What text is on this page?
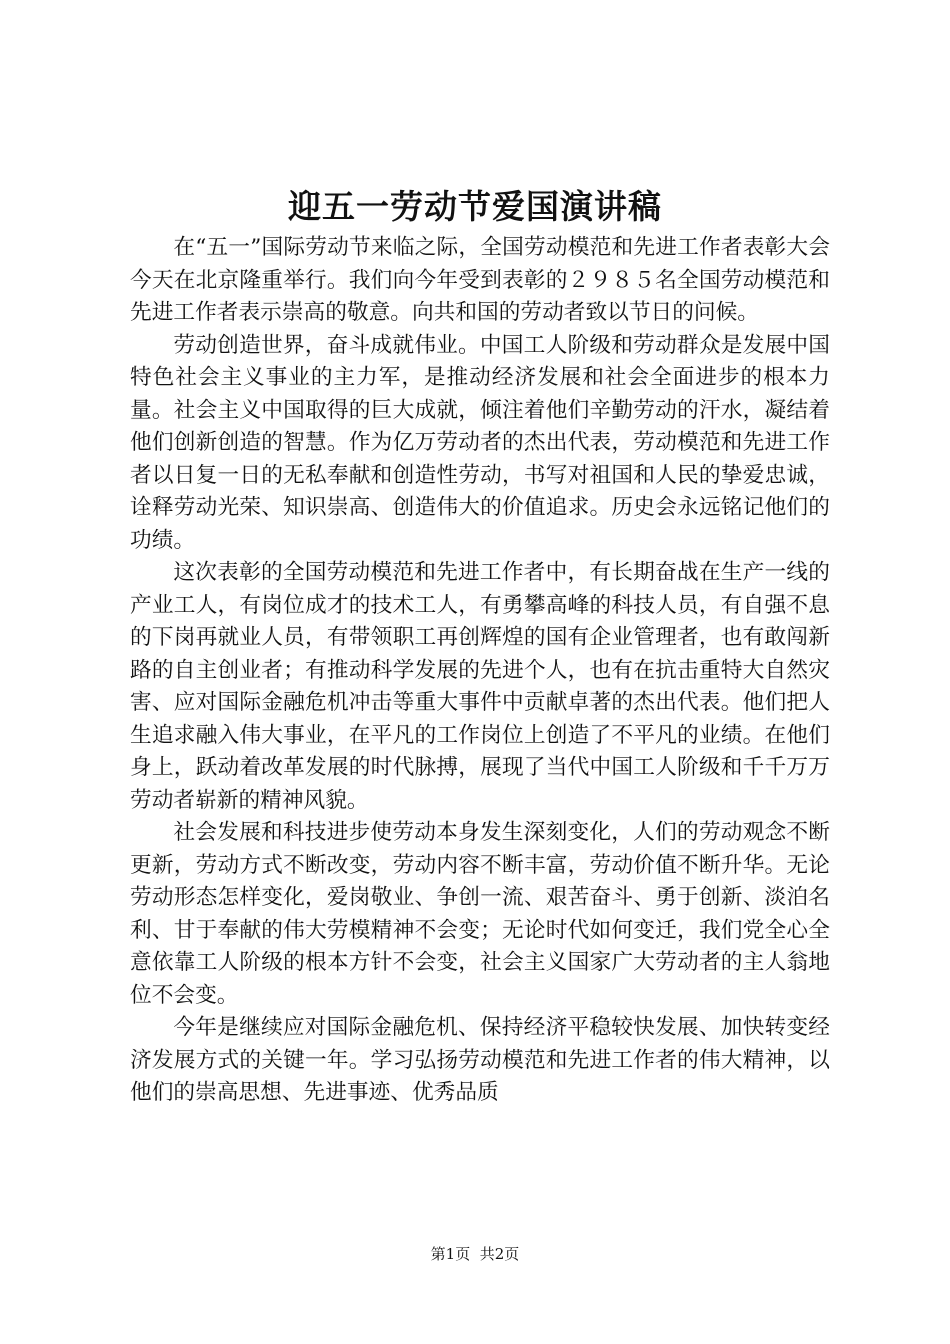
迎五一劳动节爱国演讲稿

在“五一”国际劳动节来临之际，全国劳动模范和先进工作者表彰大会今天在北京隆重举行。我们向今年受到表彰的２９８５名全国劳动模范和先进工作者表示崇高的敬意。向共和国的劳动者致以节日的问候。

劳动创造世界，奋斗成就伟业。中国工人阶级和劳动群众是发展中国特色社会主义事业的主力军，是推动经济发展和社会全面进步的根本力量。社会主义中国取得的巨大成就，倾注着他们辛勤劳动的汗水，凝结着他们创新创造的智慧。作为亿万劳动者的杰出代表，劳动模范和先进工作者以日复一日的无私奉献和创造性劳动，书写对祖国和人民的挚爱忠诚，诠释劳动光荣、知识崇高、创造伟大的价值追求。历史会永远铭记他们的功绩。

这次表彰的全国劳动模范和先进工作者中，有长期奋战在生产一线的产业工人，有岗位成才的技术工人，有勇攀高峰的科技人员，有自强不息的下岗再就业人员，有带领职工再创辉煌的国有企业管理者，也有敢闯新路的自主创业者；有推动科学发展的先进个人，也有在抗击重特大自然灾害、应对国际金融危机冲击等重大事件中贡献卓著的杰出代表。他们把人生追求融入伟大事业，在平凡的工作岗位上创造了不平凡的业绩。在他们身上，跃动着改革发展的时代脉搏，展现了当代中国工人阶级和千千万万劳动者崭新的精神风貌。

社会发展和科技进步使劳动本身发生深刻变化，人们的劳动观念不断更新，劳动方式不断改变，劳动内容不断丰富，劳动价值不断升华。无论劳动形态怎样变化，爱岗敬业、争创一流、艰苦奋斗、勇于创新、淡泊名利、甘于奉献的伟大劳模精神不会变；无论时代如何变迁，我们党全心全意依靠工人阶级的根本方针不会变，社会主义国家广大劳动者的主人翁地位不会变。

今年是继续应对国际金融危机、保持经济平稳较快发展、加快转变经济发展方式的关键一年。学习弘扬劳动模范和先进工作者的伟大精神，以他们的崇高思想、先进事迹、优秀品质

第1页 共2页
